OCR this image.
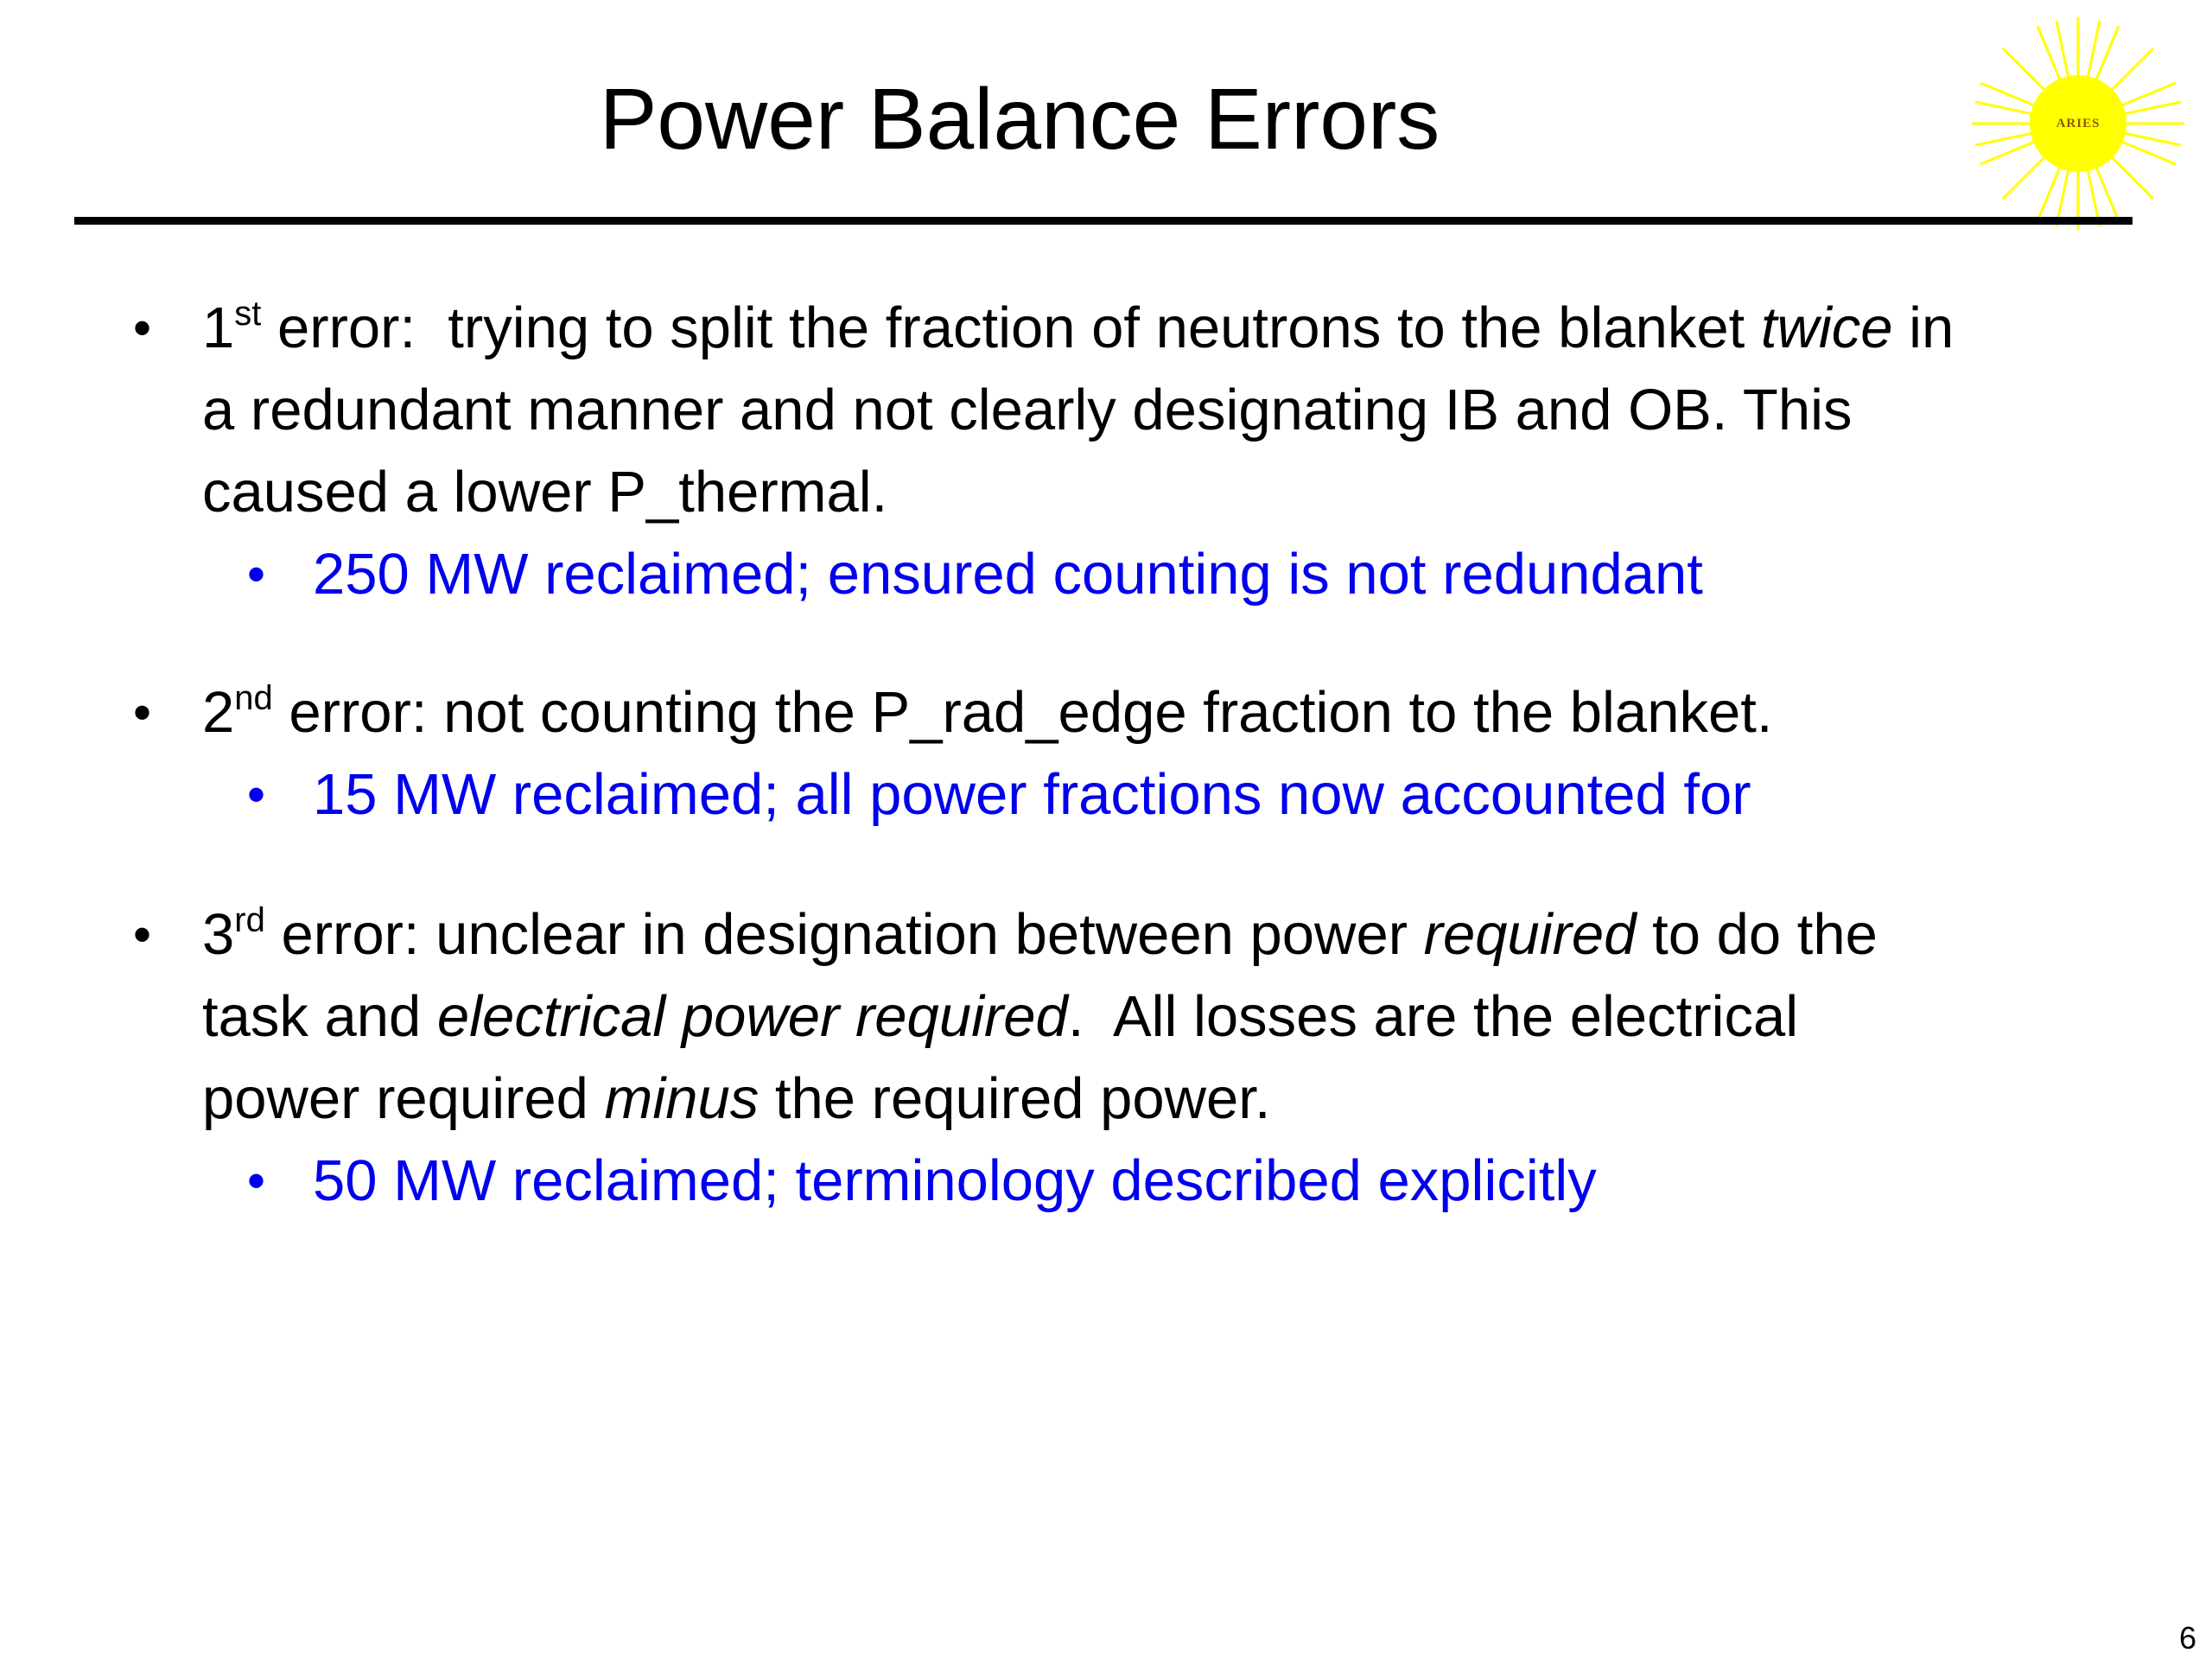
Power Balance Errors	ARIES
• 1st error:  trying to split the fraction of neutrons to the blanket twice in
a redundant manner and not clearly designating IB and OB. This
caused a lower P_thermal.
• 250 MW reclaimed; ensured counting is not redundant
• 2nd error: not counting the P_rad_edge fraction to the blanket.
• 15 MW reclaimed; all power fractions now accounted for
• 3rd error: unclear in designation between power required to do the
task and electrical power required.  All losses are the electrical
power required minus the required power.
• 50 MW reclaimed; terminology described explicitly
6
